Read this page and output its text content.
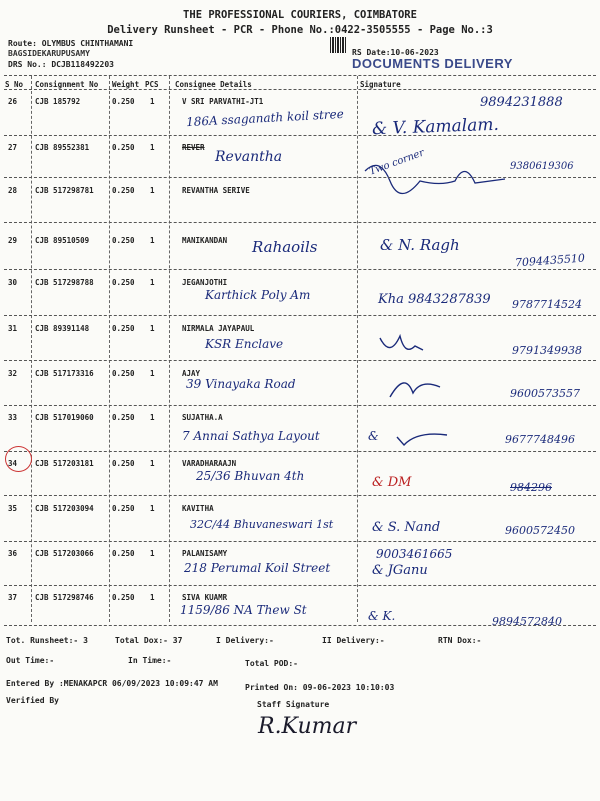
THE PROFESSIONAL COURIERS, COIMBATORE
Delivery Runsheet - PCR - Phone No.:0422-3505555 - Page No.:3
Route: OLYMBUS CHINTHAMANI
BAGSIDEKARUPUSAMY
DRS No.: DCJB118492203
RS Date:10-06-2023
DOCUMENTS DELIVERY
S No Consignment No Weight PCS Consignee Details	Signature
26 CJB 185792	0.250 1	V SRI PARVATHI-JT1
186A ssaganath koil stree
9894231888
& V. Kamalam.
27 CJB 89552381	0.250 1	REVER
Revantha	Two corner	9380619306
28 CJB 517298781 0.250 1	REVANTHA SERIVE
29 CJB 89510509	0.250 1	MANIKANDAN Rahaoils	& N. Ragh
7094435510
30 CJB 517298788 0.250 1	JEGANJOTHI
Karthick Poly Am	Kha 9843287839 9787714524
31 CJB 89391148	0.250 1	NIRMALA JAYAPAUL
KSR Enclave	9791349938
32 CJB 517173316 0.250 1	AJAY
39 Vinayaka Road
9600573557
33 CJB 517019060 0.250 1	SUJATHA.A
7 Annai Sathya Layout	&	9677748496
34 CJB 517203181 0.250 1	VARADHARAAJN
25/36 Bhuvan 4th	& DM	984296
35 CJB 517203094 0.250 1	KAVITHA
32C/44 Bhuvaneswari 1st	& S. Nand	9600572450
36 CJB 517203066 0.250 1	PALANISAMY
218 Perumal Koil Street
9003461665
& JGanu
37 CJB 517298746 0.250 1	SIVA KUAMR
1159/86 NA Thew St	& K.	9894572840
Tot. Runsheet:- 3	Total Dox:- 37	I Delivery:-	II Delivery:-	RTN Dox:-
Out Time:-	In Time:-	Total POD:-
Entered By :MENAKAPCR 06/09/2023 10:09:47 AM	Printed On: 09-06-2023 10:10:03
Verified By	Staff Signature
R.Kumar
